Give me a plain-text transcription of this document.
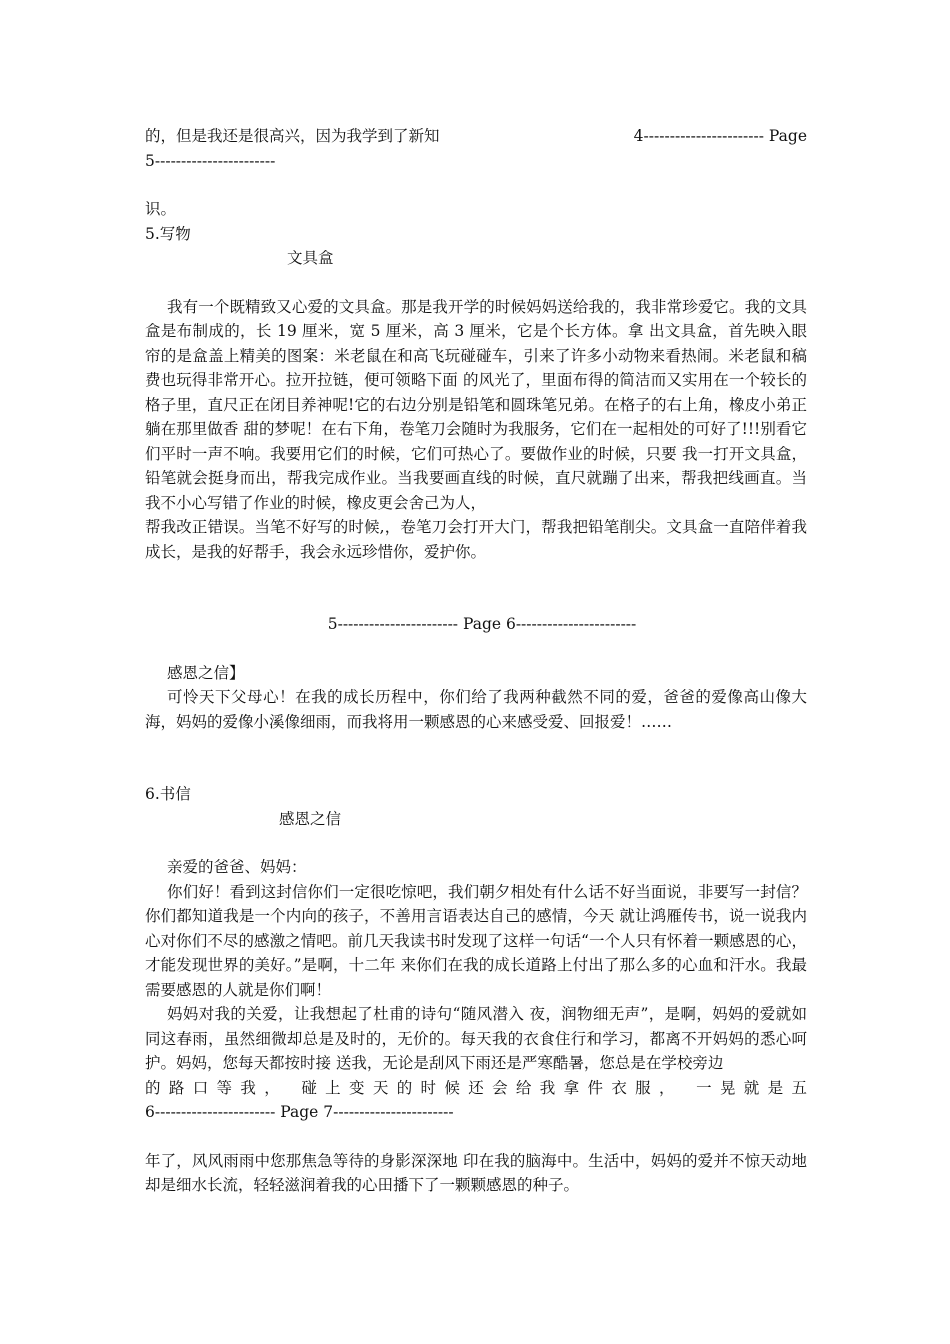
的，但是我还是很高兴，因为我学到了新知	4----------------------- Page
5-----------------------
识。
5.写物
文具盒
我有一个既精致又心爱的文具盒。那是我开学的时候妈妈送给我的，我非常珍爱它。我的文具盒是布制成的，长 19 厘米，宽 5 厘米，高 3 厘米，它是个长方体。拿 出文具盒，首先映入眼帘的是盒盖上精美的图案：米老鼠在和高飞玩碰碰车，引来了许多小动物来看热闹。米老鼠和稿费也玩得非常开心。拉开拉链，便可领略下面 的风光了，里面布得的简洁而又实用在一个较长的格子里，直尺正在闭目养神呢!它的右边分别是铅笔和圆珠笔兄弟。在格子的右上角，橡皮小弟正躺在那里做香 甜的梦呢！在右下角，卷笔刀会随时为我服务，它们在一起相处的可好了!!!别看它们平时一声不响。我要用它们的时候，它们可热心了。要做作业的时候，只要 我一打开文具盒，铅笔就会挺身而出，帮我完成作业。当我要画直线的时候，直尺就蹦了出来，帮我把线画直。当我不小心写错了作业的时候，橡皮更会舍己为人，
帮我改正错误。当笔不好写的时候,，卷笔刀会打开大门，帮我把铅笔削尖。文具盒一直陪伴着我成长，是我的好帮手，我会永远珍惜你，爱护你。
5----------------------- Page 6-----------------------
感恩之信】
可怜天下父母心！在我的成长历程中，你们给了我两种截然不同的爱，爸爸的爱像高山像大海，妈妈的爱像小溪像细雨，而我将用一颗感恩的心来感受爱、回报爱！……
6.书信
感恩之信
亲爱的爸爸、妈妈：
你们好！看到这封信你们一定很吃惊吧，我们朝夕相处有什么话不好当面说，非要写一封信？你们都知道我是一个内向的孩子，不善用言语表达自己的感情，今天 就让鸿雁传书，说一说我内心对你们不尽的感激之情吧。前几天我读书时发现了这样一句话“一个人只有怀着一颗感恩的心，才能发现世界的美好。”是啊，十二年 来你们在我的成长道路上付出了那么多的心血和汗水。我最需要感恩的人就是你们啊！
妈妈对我的关爱，让我想起了杜甫的诗句“随风潜入 夜，润物细无声”，是啊，妈妈的爱就如同这春雨，虽然细微却总是及时的，无价的。每天我的衣食住行和学习，都离不开妈妈的悉心呵护。妈妈，您每天都按时接 送我，无论是刮风下雨还是严寒酷暑，您总是在学校旁边
的路口等我， 碰上变天的时候还会给我拿件衣服， 一晃就是五
6----------------------- Page 7-----------------------
年了，风风雨雨中您那焦急等待的身影深深地 印在我的脑海中。生活中，妈妈的爱并不惊天动地却是细水长流，轻轻滋润着我的心田播下了一颗颗感恩的种子。
